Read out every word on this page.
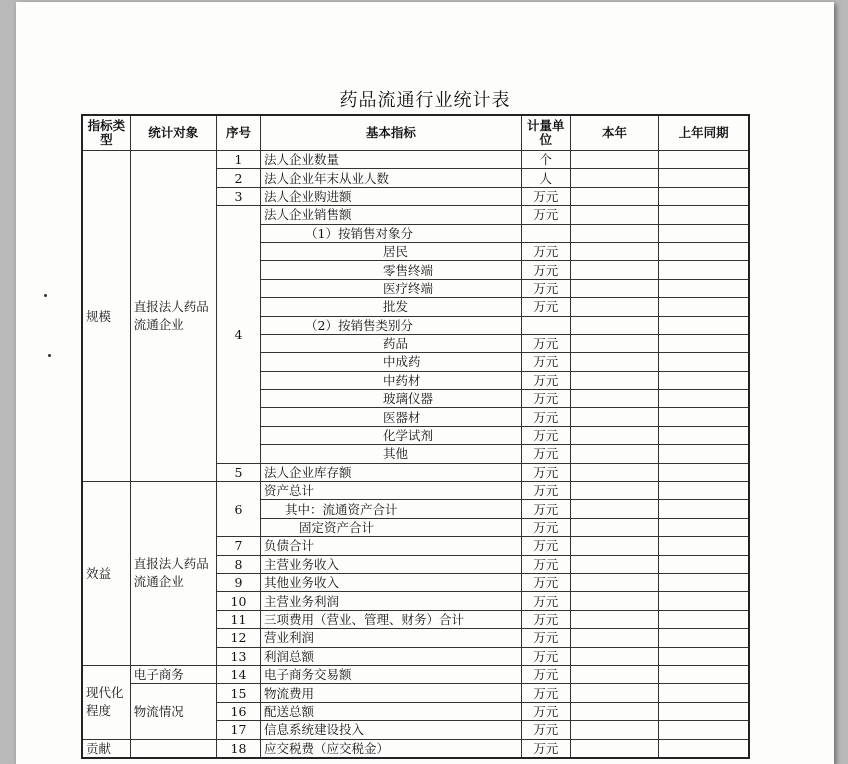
药品流通行业统计表
指标类型	统计对象	序号	基本指标	计量单位	本年	上年同期
规模	直报法人药品流通企业	1	法人企业数量	个		
		2	法人企业年末从业人数	人		
		3	法人企业购进额	万元		
		4	法人企业销售额	万元		
			（1）按销售对象分			
			居民	万元		
			零售终端	万元		
			医疗终端	万元		
			批发	万元		
			（2）按销售类别分			
			药品	万元		
			中成药	万元		
			中药材	万元		
			玻璃仪器	万元		
			医器材	万元		
			化学试剂	万元		
			其他	万元		
		5	法人企业库存额	万元		
效益	直报法人药品流通企业	6	资产总计	万元		
			其中：流通资产合计	万元		
			固定资产合计	万元		
		7	负债合计	万元		
		8	主营业务收入	万元		
		9	其他业务收入	万元		
		10	主营业务利润	万元		
		11	三项费用（营业、管理、财务）合计	万元		
		12	营业利润	万元		
		13	利润总额	万元		
现代化程度	电子商务	14	电子商务交易额	万元		
	物流情况	15	物流费用	万元		
		16	配送总额	万元		
		17	信息系统建设投入	万元		
贡献		18	应交税费（应交税金）	万元		
